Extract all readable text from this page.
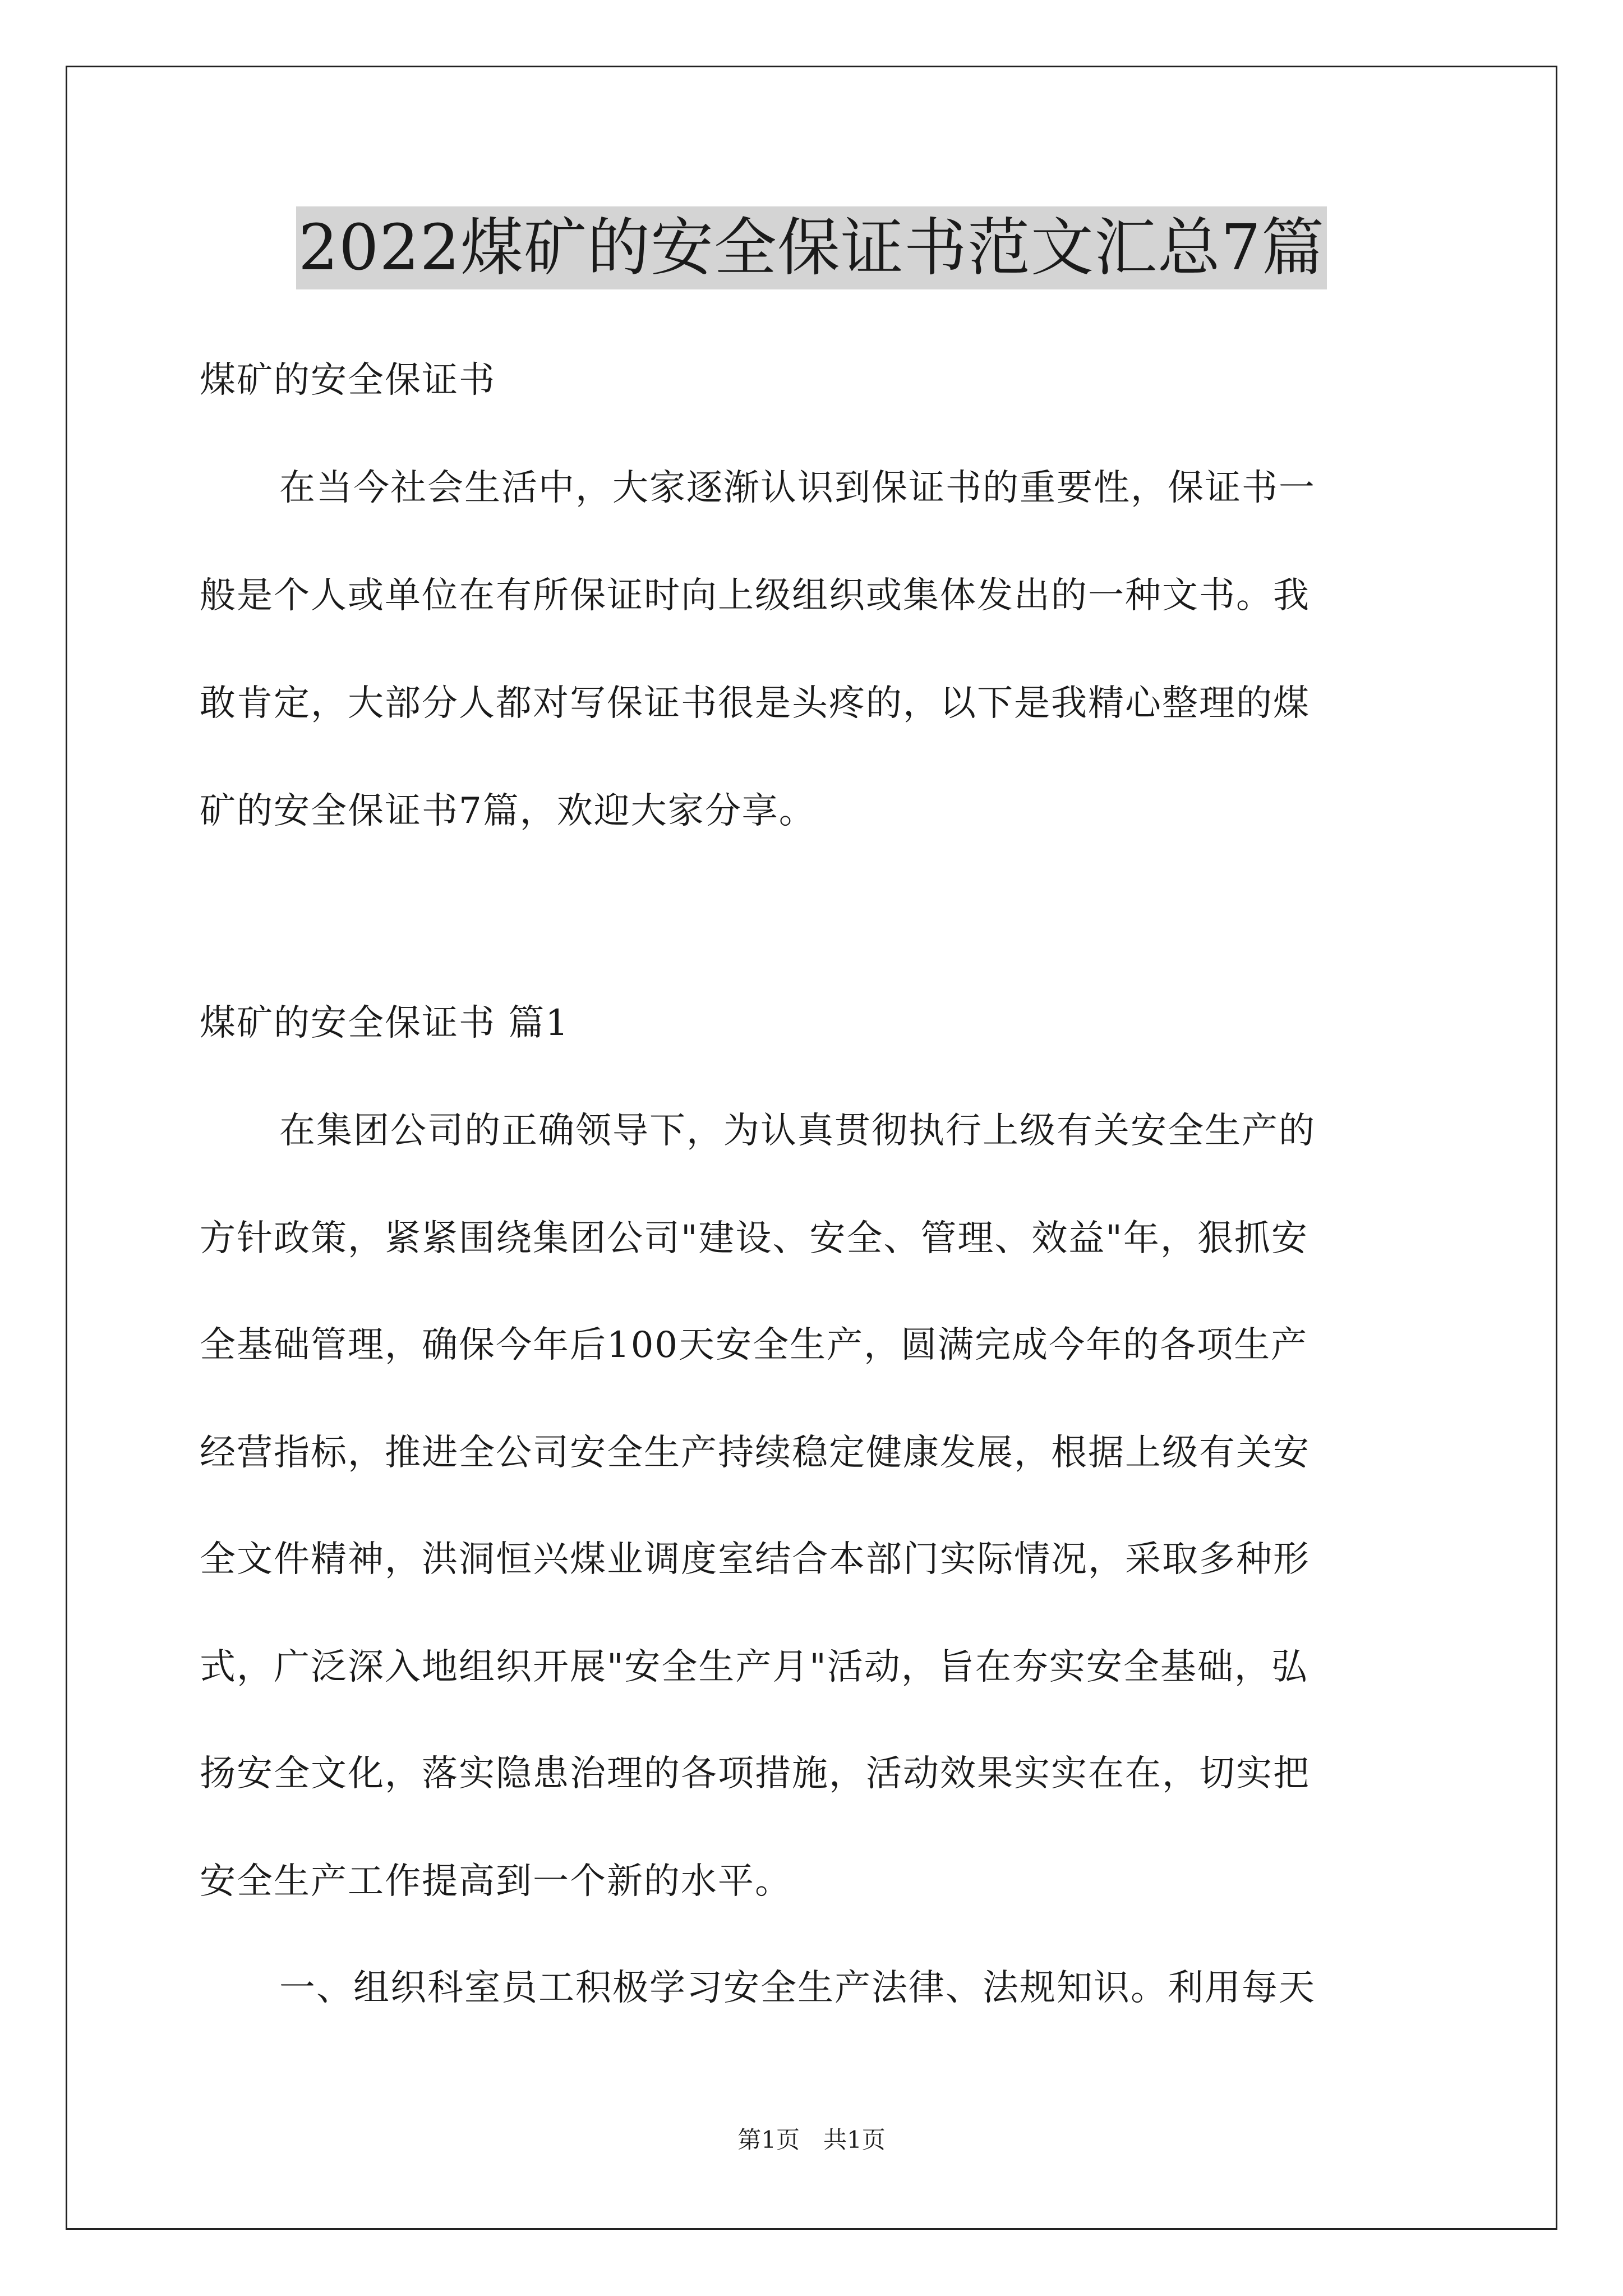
2022煤矿的安全保证书范文汇总7篇
煤矿的安全保证书
在当今社会生活中，大家逐渐认识到保证书的重要性，保证书一
般是个人或单位在有所保证时向上级组织或集体发出的一种文书。我
敢肯定，大部分人都对写保证书很是头疼的，以下是我精心整理的煤
矿的安全保证书7篇，欢迎大家分享。
煤矿的安全保证书 篇1
在集团公司的正确领导下，为认真贯彻执行上级有关安全生产的
方针政策，紧紧围绕集团公司"建设、安全、管理、效益"年，狠抓安
全基础管理，确保今年后100天安全生产，圆满完成今年的各项生产
经营指标，推进全公司安全生产持续稳定健康发展，根据上级有关安
全文件精神，洪洞恒兴煤业调度室结合本部门实际情况，采取多种形
式，广泛深入地组织开展"安全生产月"活动，旨在夯实安全基础，弘
扬安全文化，落实隐患治理的各项措施，活动效果实实在在，切实把
安全生产工作提高到一个新的水平。
一、组织科室员工积极学习安全生产法律、法规知识。利用每天
第1页　共1页
